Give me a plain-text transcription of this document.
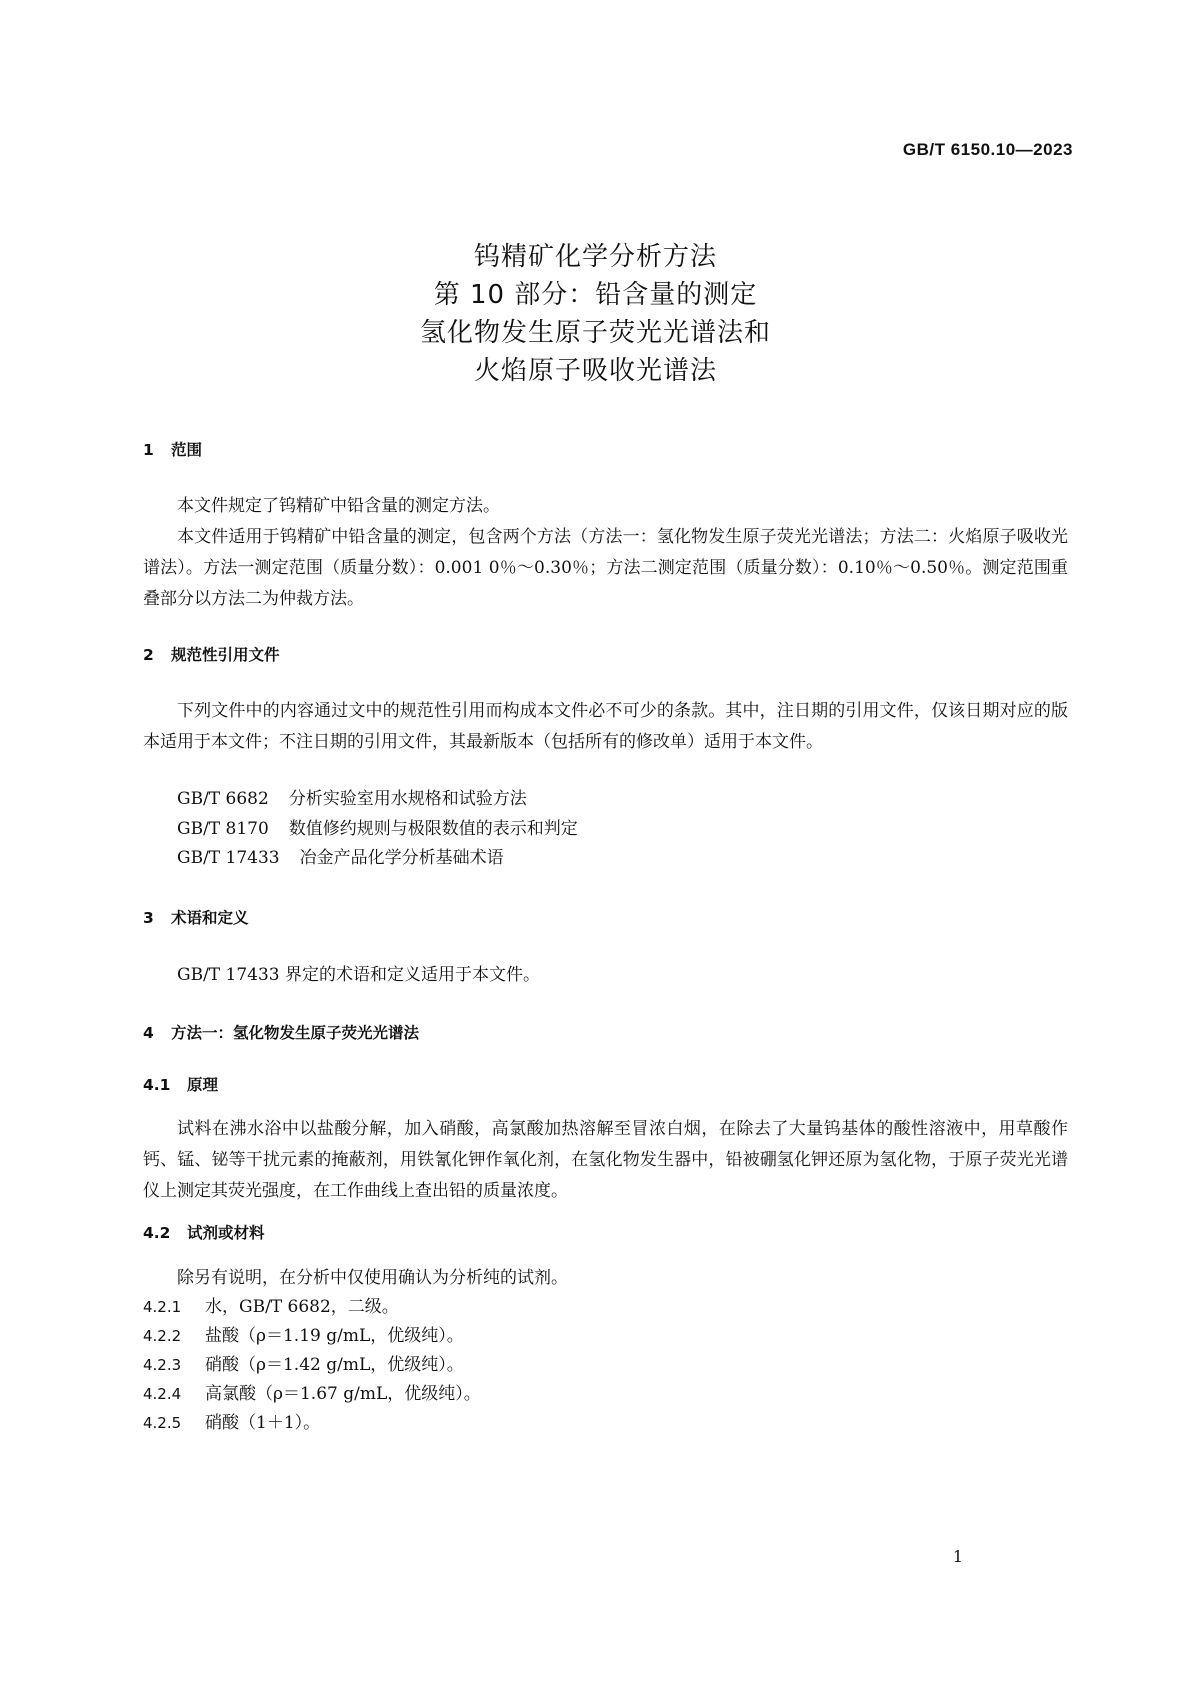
GB/T 6150.10—2023
钨精矿化学分析方法
第 10 部分：铅含量的测定
氢化物发生原子荧光光谱法和
火焰原子吸收光谱法
1 范围
本文件规定了钨精矿中铅含量的测定方法。
本文件适用于钨精矿中铅含量的测定，包含两个方法（方法一：氢化物发生原子荧光光谱法；方法二：火焰原子吸收光谱法）。方法一测定范围（质量分数）：0.001 0％～0.30％；方法二测定范围（质量分数）：0.10％～0.50％。测定范围重叠部分以方法二为仲裁方法。
2 规范性引用文件
下列文件中的内容通过文中的规范性引用而构成本文件必不可少的条款。其中，注日期的引用文件，仅该日期对应的版本适用于本文件；不注日期的引用文件，其最新版本（包括所有的修改单）适用于本文件。
GB/T 6682 分析实验室用水规格和试验方法
GB/T 8170 数值修约规则与极限数值的表示和判定
GB/T 17433 冶金产品化学分析基础术语
3 术语和定义
GB/T 17433 界定的术语和定义适用于本文件。
4 方法一：氢化物发生原子荧光光谱法
4.1 原理
试料在沸水浴中以盐酸分解，加入硝酸，高氯酸加热溶解至冒浓白烟，在除去了大量钨基体的酸性溶液中，用草酸作钙、锰、铋等干扰元素的掩蔽剂，用铁氰化钾作氧化剂，在氢化物发生器中，铅被硼氢化钾还原为氢化物，于原子荧光光谱仪上测定其荧光强度，在工作曲线上查出铅的质量浓度。
4.2 试剂或材料
除另有说明，在分析中仅使用确认为分析纯的试剂。
4.2.1 水，GB/T 6682，二级。
4.2.2 盐酸（ρ＝1.19 g/mL，优级纯）。
4.2.3 硝酸（ρ＝1.42 g/mL，优级纯）。
4.2.4 高氯酸（ρ＝1.67 g/mL，优级纯）。
4.2.5 硝酸（1＋1）。
1
